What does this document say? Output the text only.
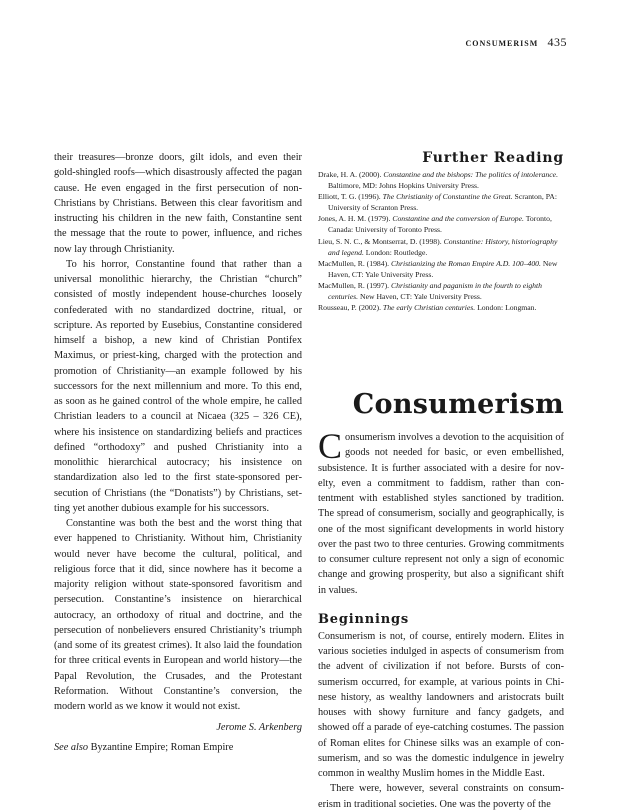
consumerism 435

their treasures—bronze doors, gilt idols, and even their gold-shingled roofs—which disastrously affected the pagan cause. He even engaged in the first persecution of non-Christians by Christians. Between this clear favoritism and instructing his children in the new faith, Constantine sent the message that the route to power, influence, and riches now lay through Christianity.

To his horror, Constantine found that rather than a universal monolithic hierarchy, the Christian “church” consisted of mostly independent house-churches loosely confederated with no standardized doctrine, ritual, or scripture. As reported by Eusebius, Constantine considered himself a bishop, a new kind of Christian Pontifex Maximus, or priest-king, charged with the protection and promotion of Christianity—an example followed by his successors for the next millennium and more. To this end, as soon as he gained control of the whole empire, he called Christian leaders to a council at Nicaea (325 – 326 CE), where his insistence on standardizing beliefs and practices defined “orthodoxy” and pushed Christianity into a monolithic hierarchical autocracy; his insistence on standardization also led to the first state-sponsored persecution of Christians (the “Donatists”) by Christians, setting yet another dubious example for his successors.

Constantine was both the best and the worst thing that ever happened to Christianity. Without him, Christianity would never have become the cultural, political, and religious force that it did, since nowhere has it become a majority religion without state-sponsored favoritism and persecution. Constantine’s insistence on hierarchical autocracy, an orthodoxy of ritual and doctrine, and the persecution of nonbelievers ensured Christianity’s triumph (and some of its greatest crimes). It also laid the foundation for three critical events in European and world history—the Papal Revolution, the Crusades, and the Protestant Reformation. Without Constantine’s conversion, the modern world as we know it would not exist.

Jerome S. Arkenberg

See also Byzantine Empire; Roman Empire

Further Reading

Drake, H. A. (2000). Constantine and the bishops: The politics of intolerance. Baltimore, MD: Johns Hopkins University Press.

Elliott, T. G. (1996). The Christianity of Constantine the Great. Scranton, PA: University of Scranton Press.

Jones, A. H. M. (1979). Constantine and the conversion of Europe. Toronto, Canada: University of Toronto Press.

Lieu, S. N. C., & Montserrat, D. (1998). Constantine: History, historiography and legend. London: Routledge.

MacMullen, R. (1984). Christianizing the Roman Empire A.D. 100–400. New Haven, CT: Yale University Press.

MacMullen, R. (1997). Christianity and paganism in the fourth to eighth centuries. New Haven, CT: Yale University Press.

Rousseau, P. (2002). The early Christian centuries. London: Longman.

Consumerism

Consumerism involves a devotion to the acquisition of goods not needed for basic, or even embellished, subsistence. It is further associated with a desire for novelty, even a commitment to faddism, rather than contentment with established styles sanctioned by tradition. The spread of consumerism, socially and geographically, is one of the most significant developments in world history over the past two to three centuries. Growing commitments to consumer culture represent not only a sign of economic change and growing prosperity, but also a significant shift in values.

Beginnings

Consumerism is not, of course, entirely modern. Elites in various societies indulged in aspects of consumerism from the advent of civilization if not before. Bursts of consumerism occurred, for example, at various points in Chinese history, as wealthy landowners and aristocrats built houses with showy furniture and fancy gadgets, and showed off a parade of eye-catching costumes. The passion of Roman elites for Chinese silks was an example of consumerism, and so was the domestic indulgence in jewelry common in wealthy Muslim homes in the Middle East.

There were, however, several constraints on consumerism in traditional societies. One was the poverty of the
